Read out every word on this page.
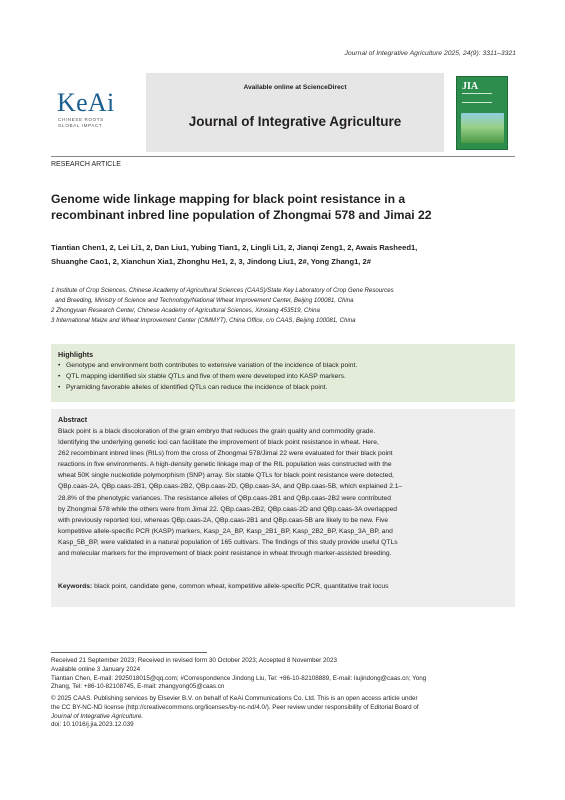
Journal of Integrative Agriculture 2025, 24(9): 3311–3321
KeAi
CHINESE ROOTS
GLOBAL IMPACT
Available online at ScienceDirect
Journal of Integrative Agriculture
JIA
RESEARCH ARTICLE
Genome wide linkage mapping for black point resistance in a
recombinant inbred line population of Zhongmai 578 and Jimai 22
Tiantian Chen1, 2, Lei Li1, 2, Dan Liu1, Yubing Tian1, 2, Lingli Li1, 2, Jianqi Zeng1, 2, Awais Rasheed1,
Shuanghe Cao1, 2, Xianchun Xia1, Zhonghu He1, 2, 3, Jindong Liu1, 2#, Yong Zhang1, 2#
1 Institute of Crop Sciences, Chinese Academy of Agricultural Sciences (CAAS)/State Key Laboratory of Crop Gene Resources
and Breeding, Ministry of Science and Technology/National Wheat Improvement Center, Beijing 100081, China
2 Zhongyuan Research Center, Chinese Academy of Agricultural Sciences, Xinxiang 453519, China
3 International Maize and Wheat Improvement Center (CIMMYT), China Office, c/o CAAS, Beijing 100081, China
Highlights
• Genotype and environment both contributes to extensive variation of the incidence of black point.
• QTL mapping identified six stable QTLs and five of them were developed into KASP markers.
• Pyramiding favorable alleles of identified QTLs can reduce the incidence of black point.
Abstract
Black point is a black discoloration of the grain embryo that reduces the grain quality and commodity grade.
Identifying the underlying genetic loci can facilitate the improvement of black point resistance in wheat. Here,
262 recombinant inbred lines (RILs) from the cross of Zhongmai 578/Jimai 22 were evaluated for their black point
reactions in five environments. A high-density genetic linkage map of the RIL population was constructed with the
wheat 50K single nucleotide polymorphism (SNP) array. Six stable QTLs for black point resistance were detected,
QBp.caas-2A, QBp.caas-2B1, QBp.caas-2B2, QBp.caas-2D, QBp.caas-3A, and QBp.caas-5B, which explained 2.1–
28.8% of the phenotypic variances. The resistance alleles of QBp.caas-2B1 and QBp.caas-2B2 were contributed
by Zhongmai 578 while the others were from Jimai 22. QBp.caas-2B2, QBp.caas-2D and QBp.caas-3A overlapped
with previously reported loci, whereas QBp.caas-2A, QBp.caas-2B1 and QBp.caas-5B are likely to be new. Five
kompetitive allele-specific PCR (KASP) markers, Kasp_2A_BP, Kasp_2B1_BP, Kasp_2B2_BP, Kasp_3A_BP, and
Kasp_5B_BP, were validated in a natural population of 165 cultivars. The findings of this study provide useful QTLs
and molecular markers for the improvement of black point resistance in wheat through marker-assisted breeding.
Keywords: black point, candidate gene, common wheat, kompetitive allele-specific PCR, quantitative trait locus
Received 21 September 2023; Received in revised form 30 October 2023; Accepted 8 November 2023
Available online 3 January 2024
Tiantian Chen, E-mail: 2925018015@qq.com; #Correspondence Jindong Liu, Tel: +86-10-82108889, E-mail: liujindong@caas.cn; Yong
Zhang, Tel: +86-10-82108745, E-mail: zhangyong05@caas.cn
© 2025 CAAS. Publishing services by Elsevier B.V. on behalf of KeAi Communications Co. Ltd. This is an open access article under
the CC BY-NC-ND license (http://creativecommons.org/licenses/by-nc-nd/4.0/). Peer review under responsibility of Editorial Board of
Journal of Integrative Agriculture.
doi: 10.1016/j.jia.2023.12.039
